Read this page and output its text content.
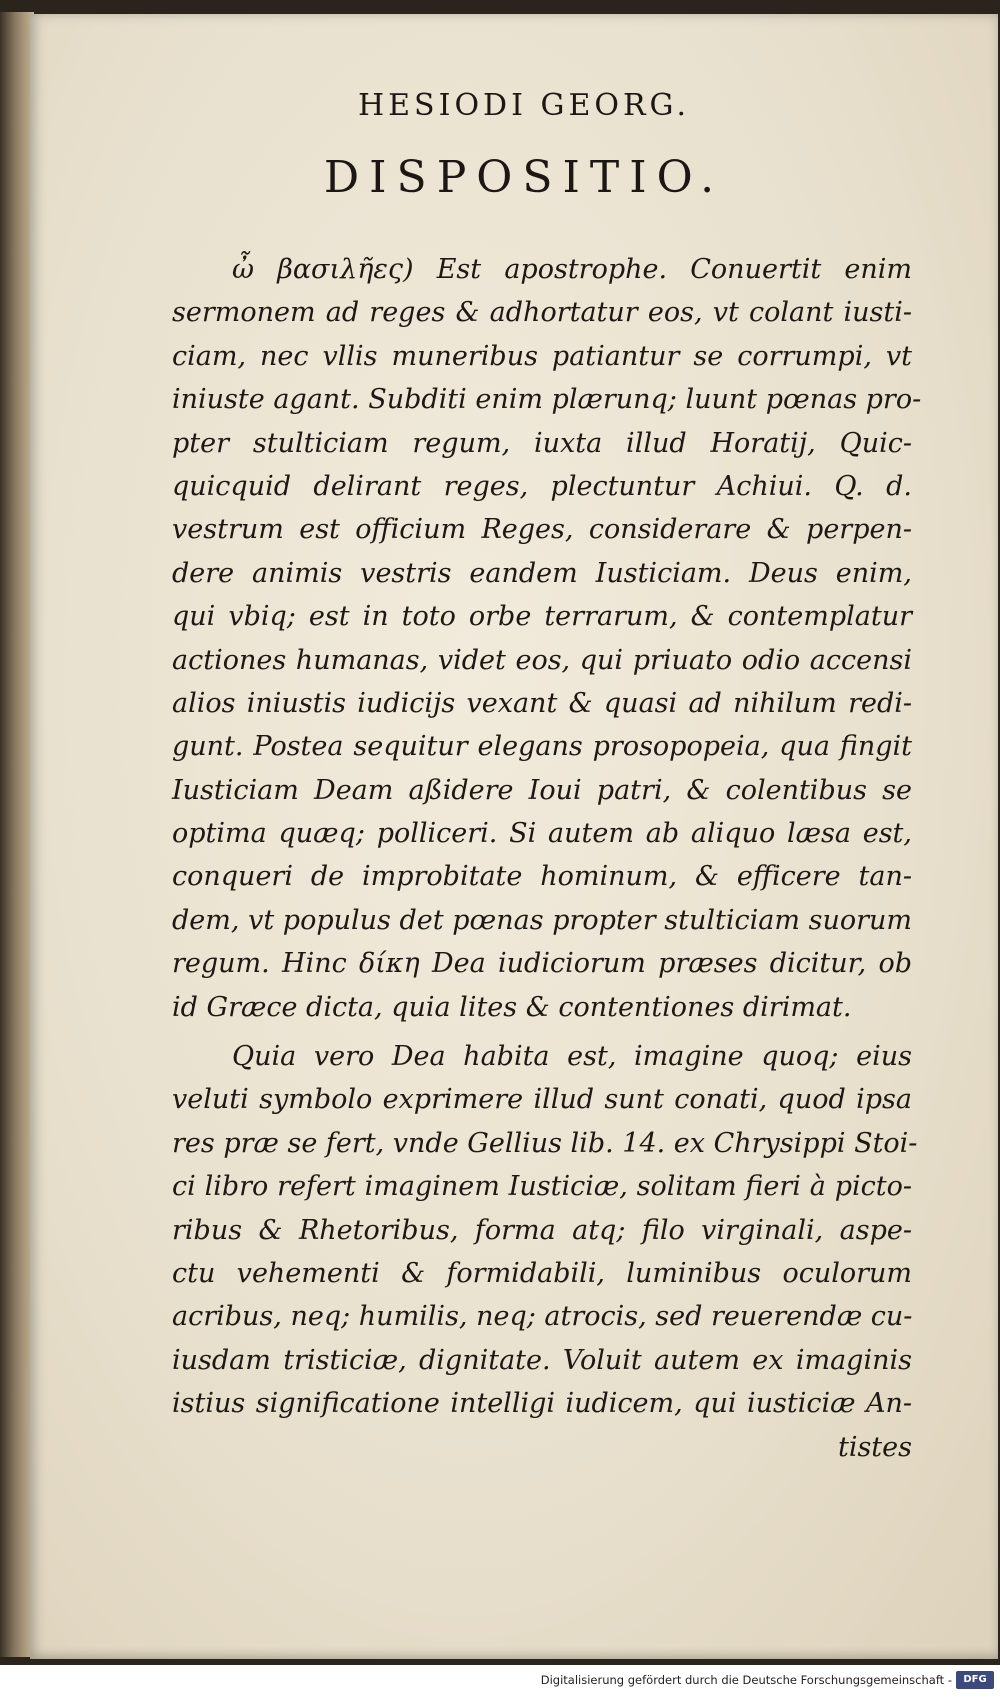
HESIODI GEORG.
DISPOSITIO.
ὦ βασιλῆες) Est apostrophe. Conuertit enim
sermonem ad reges & adhortatur eos, vt colant iusti-
ciam, nec vllis muneribus patiantur se corrumpi, vt
iniuste agant. Subditi enim plærunq; luunt pœnas pro-
pter stulticiam regum, iuxta illud Horatij, Quic-
quicquid delirant reges, plectuntur Achiui. Q. d.
vestrum est officium Reges, considerare & perpen-
dere animis vestris eandem Iusticiam. Deus enim,
qui vbiq; est in toto orbe terrarum, & contemplatur
actiones humanas, videt eos, qui priuato odio accensi
alios iniustis iudicijs vexant & quasi ad nihilum redi-
gunt. Postea sequitur elegans prosopopeia, qua fingit
Iusticiam Deam aßidere Ioui patri, & colentibus se
optima quæq; polliceri. Si autem ab aliquo læsa est,
conqueri de improbitate hominum, & efficere tan-
dem, vt populus det pœnas propter stulticiam suorum
regum. Hinc δίκη Dea iudiciorum præses dicitur, ob
id Græce dicta, quia lites & contentiones dirimat.
Quia vero Dea habita est, imagine quoq; eius
veluti symbolo exprimere illud sunt conati, quod ipsa
res præ se fert, vnde Gellius lib. 14. ex Chrysippi Stoi-
ci libro refert imaginem Iusticiæ, solitam fieri à picto-
ribus & Rhetoribus, forma atq; filo virginali, aspe-
ctu vehementi & formidabili, luminibus oculorum
acribus, neq; humilis, neq; atrocis, sed reuerendæ cu-
iusdam tristiciæ, dignitate. Voluit autem ex imaginis
istius significatione intelligi iudicem, qui iusticiæ An-
tistes
Digitalisierung gefördert durch die Deutsche Forschungsgemeinschaft -	DFG
